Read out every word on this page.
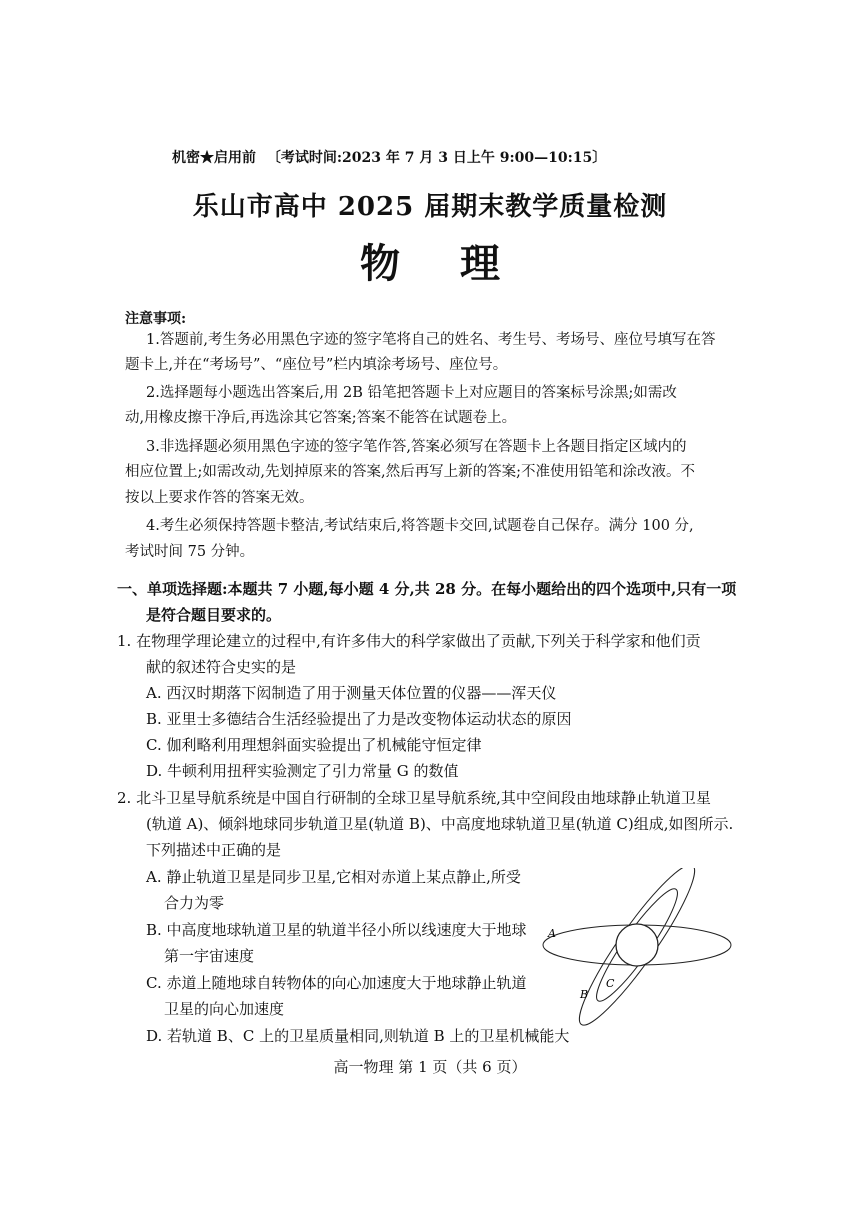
机密★启用前 〔考试时间:2023 年 7 月 3 日上午 9:00—10:15〕
乐山市高中 2025 届期末教学质量检测
物理
注意事项:
1.答题前,考生务必用黑色字迹的签字笔将自己的姓名、考生号、考场号、座位号填写在答
题卡上,并在“考场号”、“座位号”栏内填涂考场号、座位号。
2.选择题每小题选出答案后,用 2B 铅笔把答题卡上对应题目的答案标号涂黑;如需改
动,用橡皮擦干净后,再选涂其它答案;答案不能答在试题卷上。
3.非选择题必须用黑色字迹的签字笔作答,答案必须写在答题卡上各题目指定区域内的
相应位置上;如需改动,先划掉原来的答案,然后再写上新的答案;不准使用铅笔和涂改液。不
按以上要求作答的答案无效。
4.考生必须保持答题卡整洁,考试结束后,将答题卡交回,试题卷自己保存。满分 100 分,
考试时间 75 分钟。
一、单项选择题:本题共 7 小题,每小题 4 分,共 28 分。在每小题给出的四个选项中,只有一项
是符合题目要求的。
1. 在物理学理论建立的过程中,有许多伟大的科学家做出了贡献,下列关于科学家和他们贡
献的叙述符合史实的是
A. 西汉时期落下闳制造了用于测量天体位置的仪器——浑天仪
B. 亚里士多德结合生活经验提出了力是改变物体运动状态的原因
C. 伽利略利用理想斜面实验提出了机械能守恒定律
D. 牛顿利用扭秤实验测定了引力常量 G 的数值
2. 北斗卫星导航系统是中国自行研制的全球卫星导航系统,其中空间段由地球静止轨道卫星
(轨道 A)、倾斜地球同步轨道卫星(轨道 B)、中高度地球轨道卫星(轨道 C)组成,如图所示.
下列描述中正确的是
A. 静止轨道卫星是同步卫星,它相对赤道上某点静止,所受
合力为零
B. 中高度地球轨道卫星的轨道半径小所以线速度大于地球
第一宇宙速度
C. 赤道上随地球自转物体的向心加速度大于地球静止轨道
卫星的向心加速度
D. 若轨道 B、C 上的卫星质量相同,则轨道 B 上的卫星机械能大
A
B
C
高一物理 第 1 页（共 6 页）
